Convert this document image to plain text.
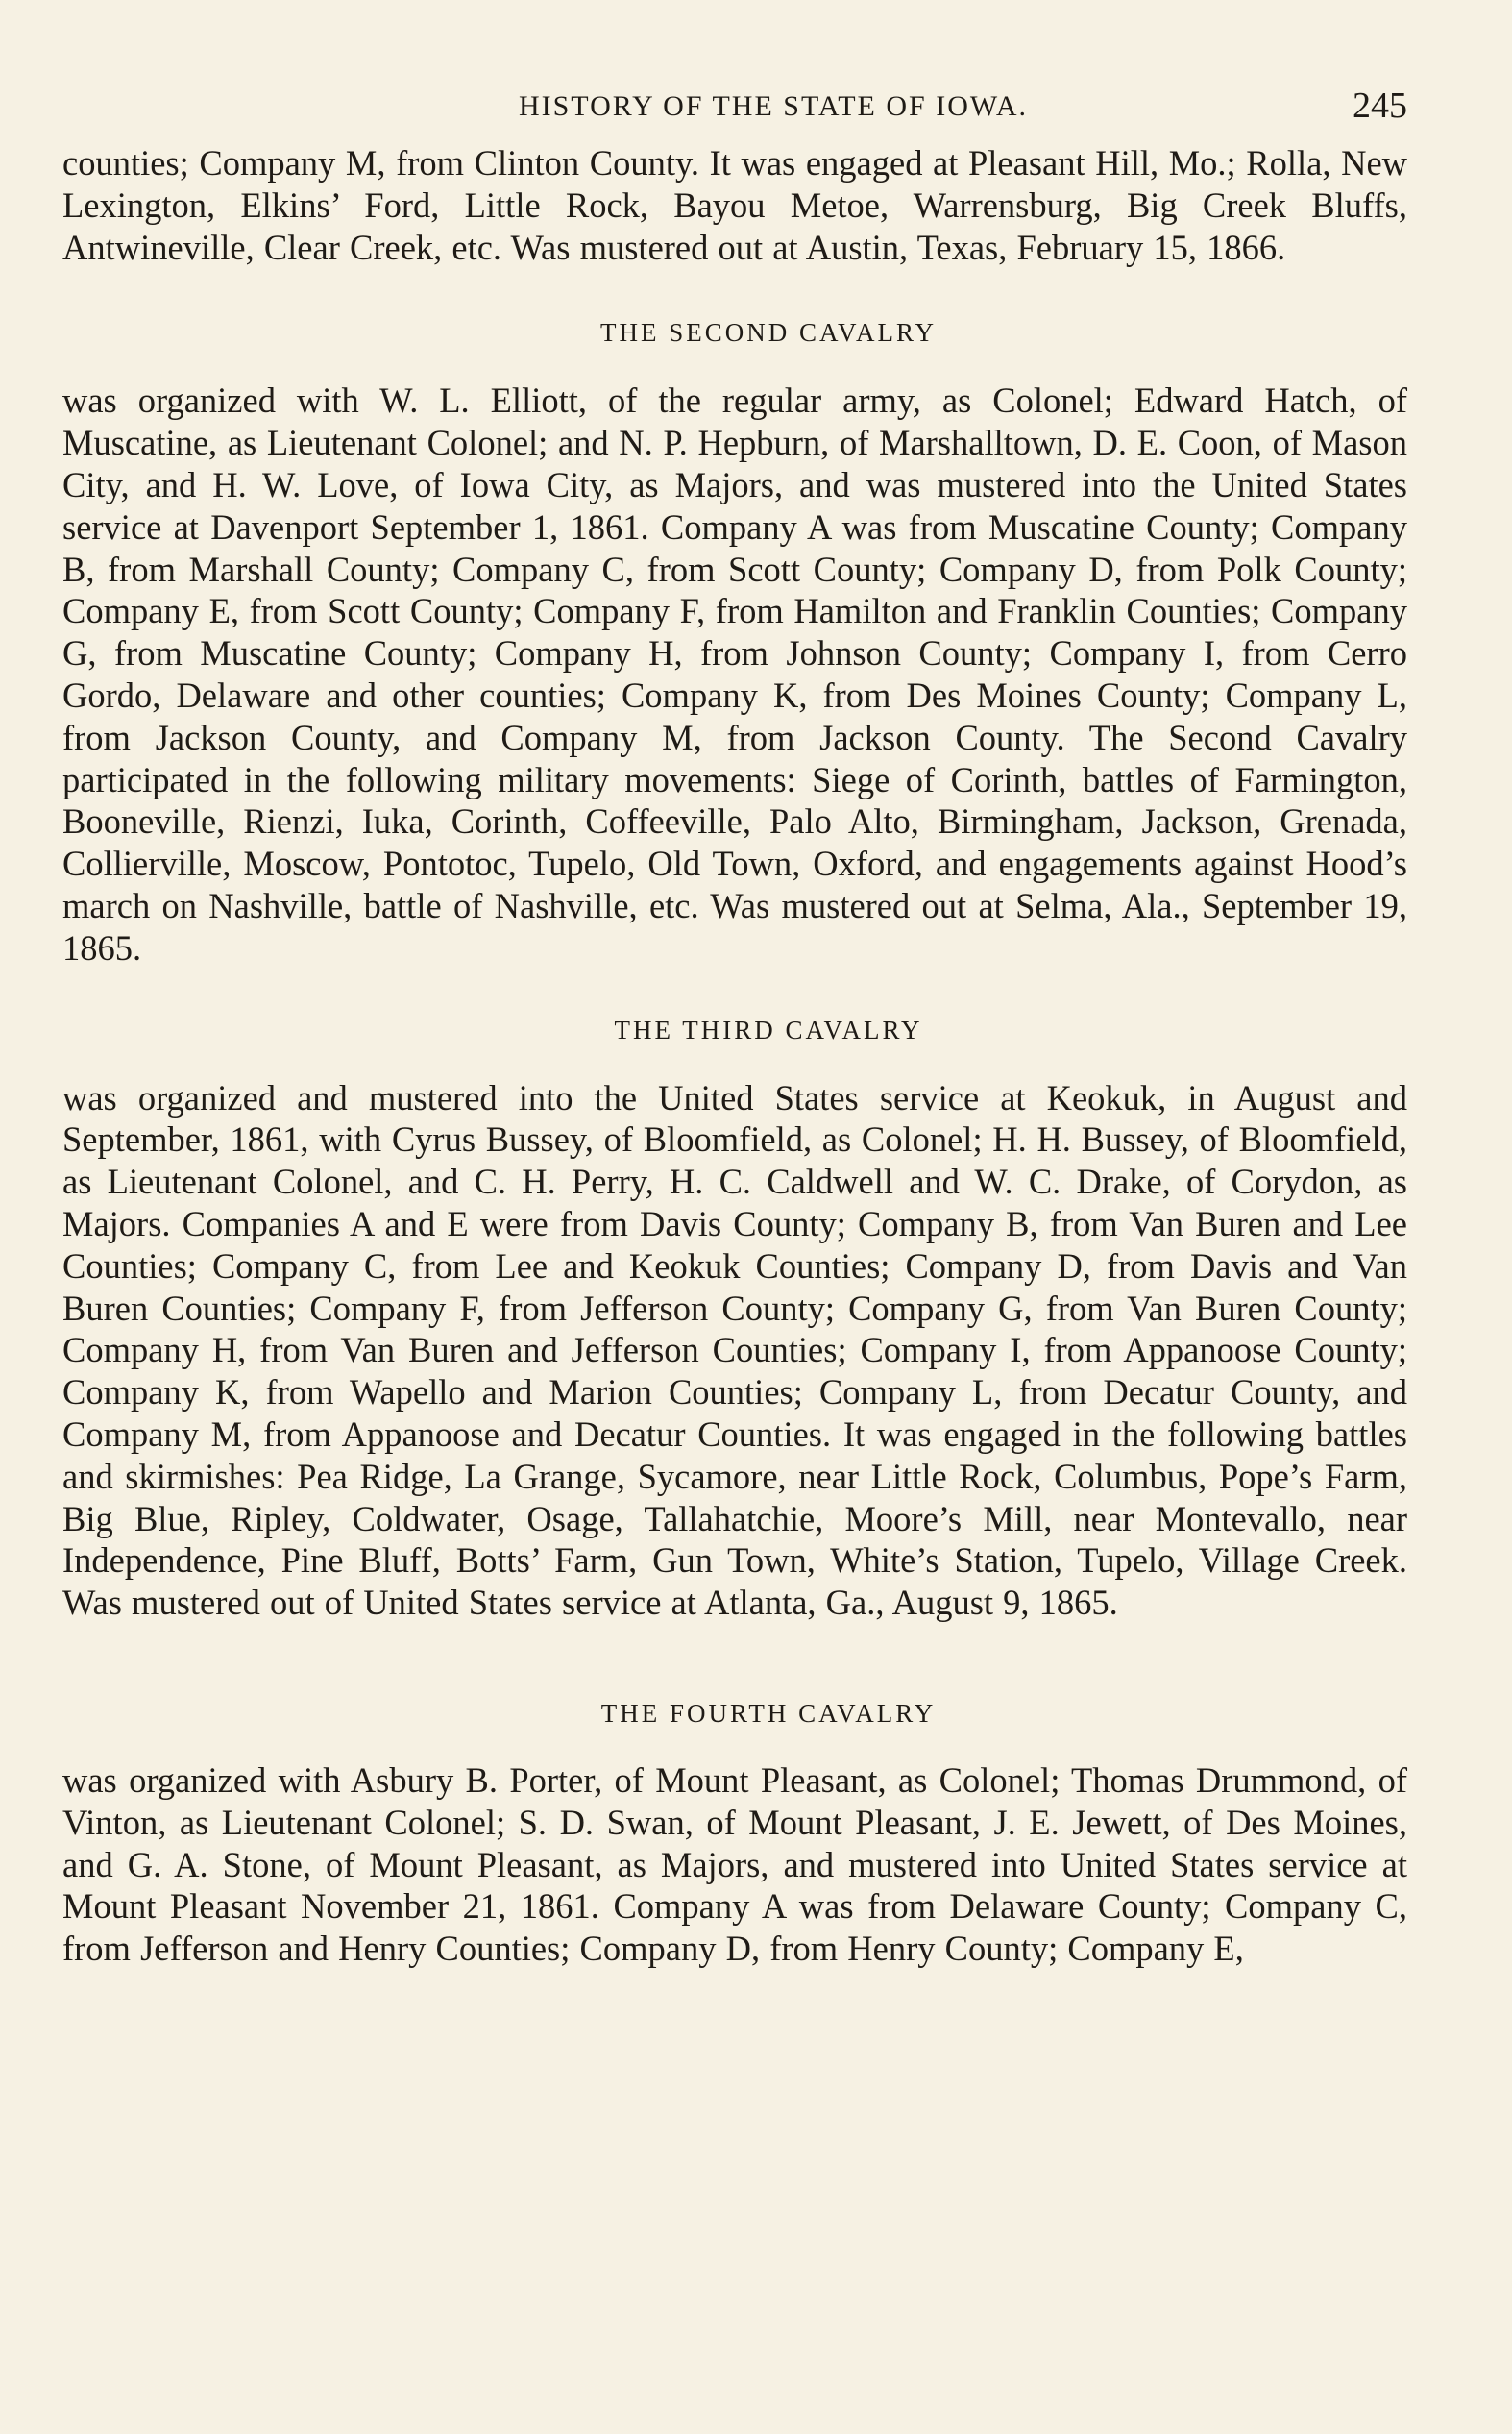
HISTORY OF THE STATE OF IOWA.	245

counties; Company M, from Clinton County. It was engaged at Pleasant Hill, Mo.; Rolla, New Lexington, Elkins’ Ford, Little Rock, Bayou Metoe, Warrensburg, Big Creek Bluffs, Antwineville, Clear Creek, etc. Was mustered out at Austin, Texas, February 15, 1866.

THE SECOND CAVALRY

was organized with W. L. Elliott, of the regular army, as Colonel; Edward Hatch, of Muscatine, as Lieutenant Colonel; and N. P. Hepburn, of Marshalltown, D. E. Coon, of Mason City, and H. W. Love, of Iowa City, as Majors, and was mustered into the United States service at Davenport September 1, 1861. Company A was from Muscatine County; Company B, from Marshall County; Company C, from Scott County; Company D, from Polk County; Company E, from Scott County; Company F, from Hamilton and Franklin Counties; Company G, from Muscatine County; Company H, from Johnson County; Company I, from Cerro Gordo, Delaware and other counties; Company K, from Des Moines County; Company L, from Jackson County, and Company M, from Jackson County. The Second Cavalry participated in the following military movements: Siege of Corinth, battles of Farmington, Booneville, Rienzi, Iuka, Corinth, Coffeeville, Palo Alto, Birmingham, Jackson, Grenada, Collierville, Moscow, Pontotoc, Tupelo, Old Town, Oxford, and engagements against Hood’s march on Nashville, battle of Nashville, etc. Was mustered out at Selma, Ala., September 19, 1865.

THE THIRD CAVALRY

was organized and mustered into the United States service at Keokuk, in August and September, 1861, with Cyrus Bussey, of Bloomfield, as Colonel; H. H. Bussey, of Bloomfield, as Lieutenant Colonel, and C. H. Perry, H. C. Caldwell and W. C. Drake, of Corydon, as Majors. Companies A and E were from Davis County; Company B, from Van Buren and Lee Counties; Company C, from Lee and Keokuk Counties; Company D, from Davis and Van Buren Counties; Company F, from Jefferson County; Company G, from Van Buren County; Company H, from Van Buren and Jefferson Counties; Company I, from Appanoose County; Company K, from Wapello and Marion Counties; Company L, from Decatur County, and Company M, from Appanoose and Decatur Counties. It was engaged in the following battles and skirmishes: Pea Ridge, La Grange, Sycamore, near Little Rock, Columbus, Pope’s Farm, Big Blue, Ripley, Coldwater, Osage, Tallahatchie, Moore’s Mill, near Montevallo, near Independence, Pine Bluff, Botts’ Farm, Gun Town, White’s Station, Tupelo, Village Creek. Was mustered out of United States service at Atlanta, Ga., August 9, 1865.

THE FOURTH CAVALRY

was organized with Asbury B. Porter, of Mount Pleasant, as Colonel; Thomas Drummond, of Vinton, as Lieutenant Colonel; S. D. Swan, of Mount Pleasant, J. E. Jewett, of Des Moines, and G. A. Stone, of Mount Pleasant, as Majors, and mustered into United States service at Mount Pleasant November 21, 1861. Company A was from Delaware County; Company C, from Jefferson and Henry Counties; Company D, from Henry County; Company E,
